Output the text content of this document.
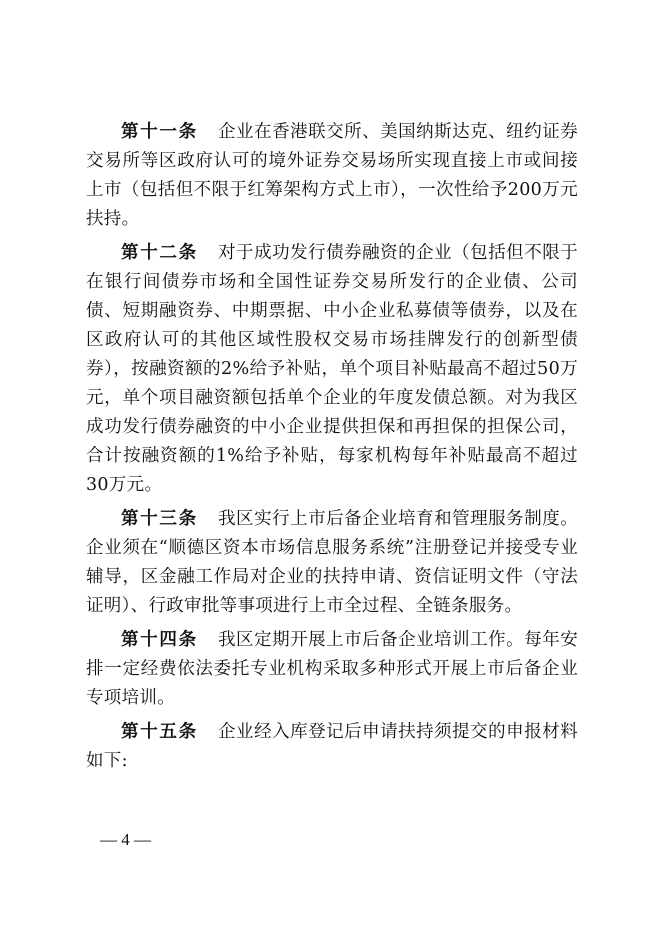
第十一条 企业在香港联交所、美国纳斯达克、纽约证券交易所等区政府认可的境外证券交易场所实现直接上市或间接上市（包括但不限于红筹架构方式上市），一次性给予200万元扶持。

第十二条 对于成功发行债券融资的企业（包括但不限于在银行间债券市场和全国性证券交易所发行的企业债、公司债、短期融资券、中期票据、中小企业私募债等债券，以及在区政府认可的其他区域性股权交易市场挂牌发行的创新型债券），按融资额的2%给予补贴，单个项目补贴最高不超过50万元，单个项目融资额包括单个企业的年度发债总额。对为我区成功发行债券融资的中小企业提供担保和再担保的担保公司，合计按融资额的1%给予补贴，每家机构每年补贴最高不超过30万元。

第十三条 我区实行上市后备企业培育和管理服务制度。企业须在“顺德区资本市场信息服务系统”注册登记并接受专业辅导，区金融工作局对企业的扶持申请、资信证明文件（守法证明）、行政审批等事项进行上市全过程、全链条服务。

第十四条 我区定期开展上市后备企业培训工作。每年安排一定经费依法委托专业机构采取多种形式开展上市后备企业专项培训。

第十五条 企业经入库登记后申请扶持须提交的申报材料如下:

— 4 —
